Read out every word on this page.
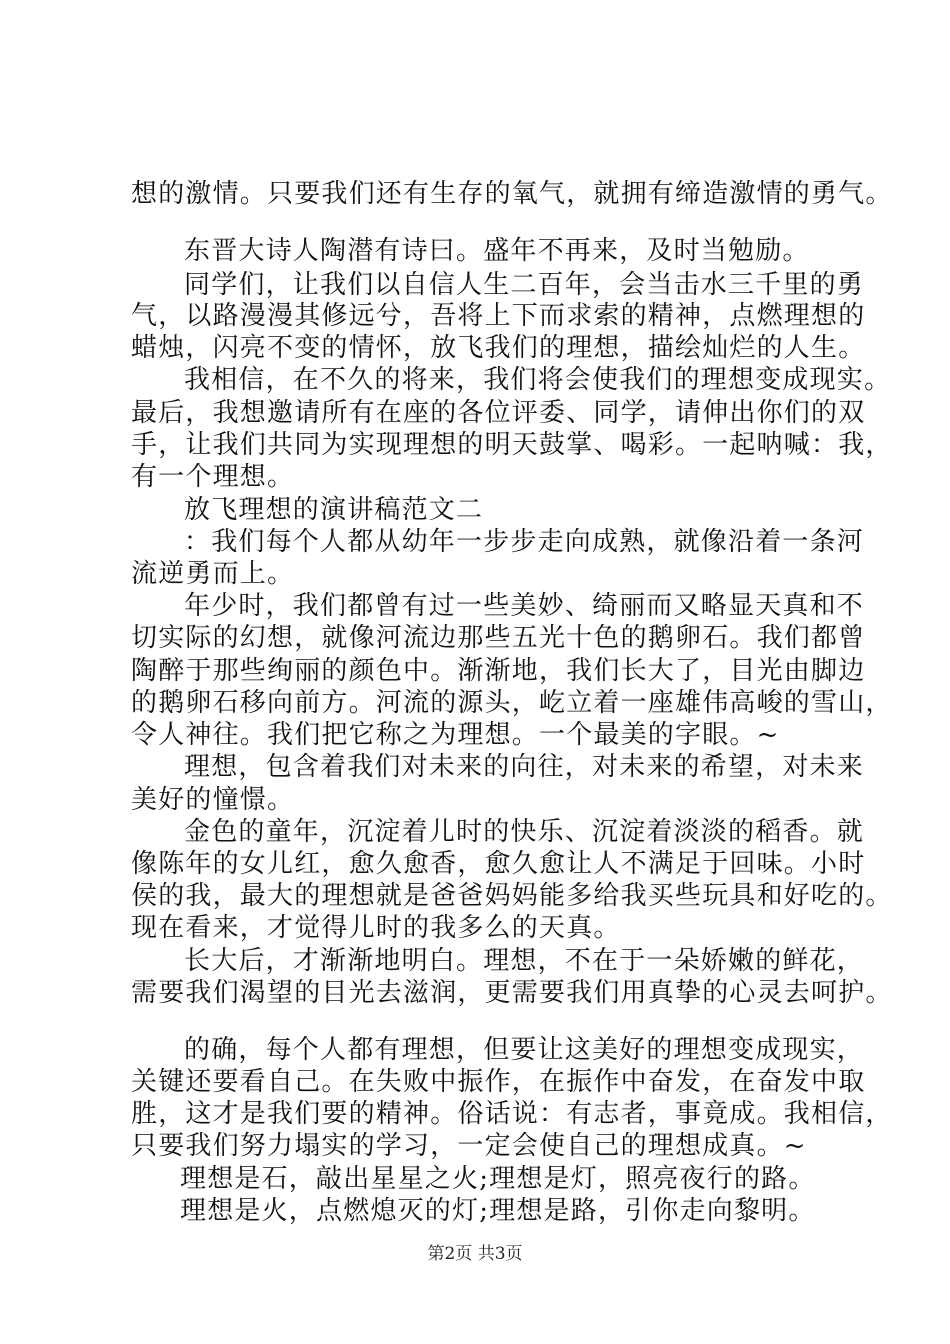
想的激情。只要我们还有生存的氧气，就拥有缔造激情的勇气。
东晋大诗人陶潜有诗曰。盛年不再来，及时当勉励。
同学们，让我们以自信人生二百年，会当击水三千里的勇
气，以路漫漫其修远兮，吾将上下而求索的精神，点燃理想的
蜡烛，闪亮不变的情怀，放飞我们的理想，描绘灿烂的人生。
我相信，在不久的将来，我们将会使我们的理想变成现实。
最后，我想邀请所有在座的各位评委、同学，请伸出你们的双
手，让我们共同为实现理想的明天鼓掌、喝彩。一起呐喊：我，
有一个理想。
放飞理想的演讲稿范文二
：我们每个人都从幼年一步步走向成熟，就像沿着一条河
流逆勇而上。
年少时，我们都曾有过一些美妙、绮丽而又略显天真和不
切实际的幻想，就像河流边那些五光十色的鹅卵石。我们都曾
陶醉于那些绚丽的颜色中。渐渐地，我们长大了，目光由脚边
的鹅卵石移向前方。河流的源头，屹立着一座雄伟高峻的雪山，
令人神往。我们把它称之为理想。一个最美的字眼。~
理想，包含着我们对未来的向往，对未来的希望，对未来
美好的憧憬。
金色的童年，沉淀着儿时的快乐、沉淀着淡淡的稻香。就
像陈年的女儿红，愈久愈香，愈久愈让人不满足于回味。小时
侯的我，最大的理想就是爸爸妈妈能多给我买些玩具和好吃的。
现在看来，才觉得儿时的我多么的天真。
长大后，才渐渐地明白。理想，不在于一朵娇嫩的鲜花，
需要我们渴望的目光去滋润，更需要我们用真挚的心灵去呵护。
的确，每个人都有理想，但要让这美好的理想变成现实，
关键还要看自己。在失败中振作，在振作中奋发，在奋发中取
胜，这才是我们要的精神。俗话说：有志者，事竟成。我相信，
只要我们努力塌实的学习，一定会使自己的理想成真。~
理想是石，敲出星星之火;理想是灯，照亮夜行的路。
理想是火，点燃熄灭的灯;理想是路，引你走向黎明。
第2页 共3页
